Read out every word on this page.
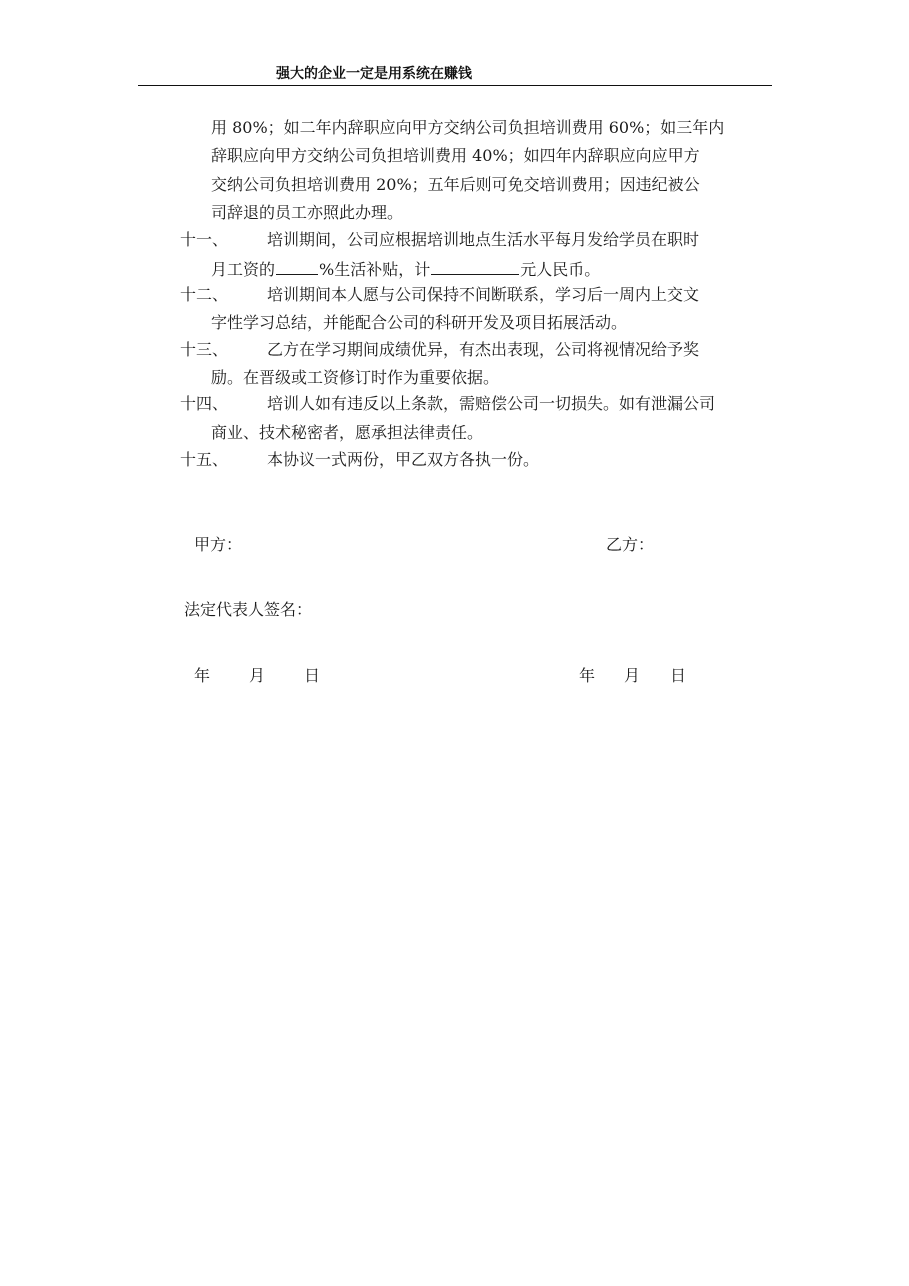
强大的企业一定是用系统在赚钱
用 80%；如二年内辞职应向甲方交纳公司负担培训费用 60%；如三年内
辞职应向甲方交纳公司负担培训费用 40%；如四年内辞职应向应甲方
交纳公司负担培训费用 20%；五年后则可免交培训费用；因违纪被公
司辞退的员工亦照此办理。
十一、 培训期间，公司应根据培训地点生活水平每月发给学员在职时
月工资的	%生活补贴，计	元人民币。
十二、 培训期间本人愿与公司保持不间断联系，学习后一周内上交文
字性学习总结，并能配合公司的科研开发及项目拓展活动。
十三、 乙方在学习期间成绩优异，有杰出表现，公司将视情况给予奖
励。在晋级或工资修订时作为重要依据。
十四、 培训人如有违反以上条款，需赔偿公司一切损失。如有泄漏公司
商业、技术秘密者，愿承担法律责任。
十五、 本协议一式两份，甲乙双方各执一份。
甲方：	乙方：
法定代表人签名：
年 月 日	年 月 日
